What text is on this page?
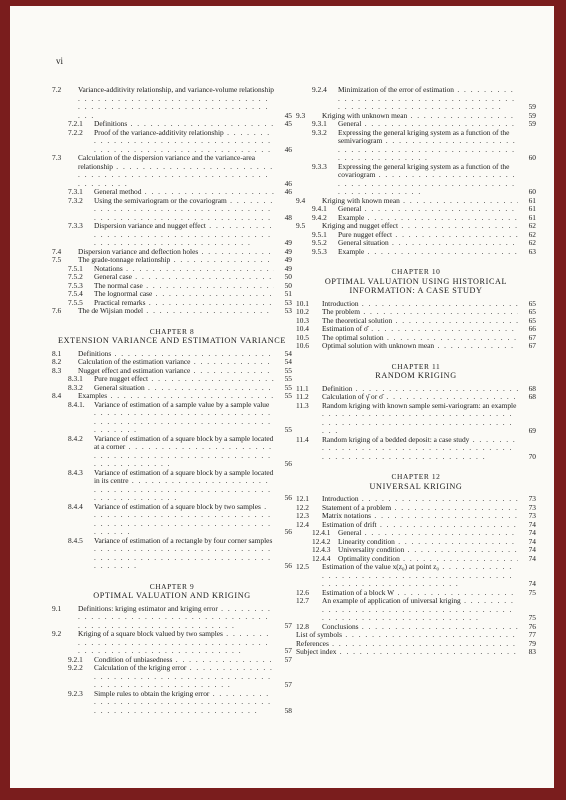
vi
7.2 Variance-additivity relationship, and variance-volume relationship . . .
45
7.2.1 Definitions . . .	45
7.2.2 Proof of the variance-additivity relationship . . .
46
7.3 Calculation of the dispersion variance and the variance-area relationship . . .
46
7.3.1 General method . . .	46
7.3.2 Using the semivariogram or the covariogram . . .
48
7.3.3 Dispersion variance and nugget effect . . .
49
7.4 Dispersion variance and deflection holes . . .	49
7.5 The grade-tonnage relationship . . .	49
7.5.1 Notations . . .	49
7.5.2 General case . . .	50
7.5.3 The normal case . . .	50
7.5.4 The lognormal case . . .	51
7.5.5 Practical remarks . . .	53
7.6 The de Wijsian model . . .	53
CHAPTER 8
EXTENSION VARIANCE AND ESTIMATION VARIANCE
8.1 Definitions . . .	54
8.2 Calculation of the estimation variance . . .	54
8.3 Nugget effect and estimation variance . . .	55
8.3.1 Pure nugget effect . . .	55
8.3.2 General situation . . .	55
8.4 Examples . . .	55
8.4.1. Variance of estimation of a sample value by a sample value . . .
55
8.4.2 Variance of estimation of a square block by a sample located at a corner . . .
56
8.4.3 Variance of estimation of a square block by a sample located in its centre . . .
56
8.4.4 Variance of estimation of a square block by two samples . . .
56
8.4.5 Variance of estimation of a rectangle by four corner samples . . .
56
CHAPTER 9
OPTIMAL VALUATION AND KRIGING
9.1 Definitions: kriging estimator and kriging error . . .
57
9.2 Kriging of a square block valued by two samples . . .
57
9.2.1 Condition of unbiasedness . . .	57
9.2.2 Calculation of the kriging error . . .
57
9.2.3 Simple rules to obtain the kriging error . . .
58
9.2.4 Minimization of the error of estimation . . .
59
9.3 Kriging with unknown mean . . .	59
9.3.1 General . . .	59
9.3.2 Expressing the general kriging system as a function of the semivariogram . . .
60
9.3.3 Expressing the general kriging system as a function of the covariogram . . .
60
9.4 Kriging with known mean . . .	61
9.4.1 General . . .	61
9.4.2 Example . . .	61
9.5 Kriging and nugget effect . . .	62
9.5.1 Pure nugget effect . . .	62
9.5.2 General situation . . .	62
9.5.3 Example . . .	63
CHAPTER 10
OPTIMAL VALUATION USING HISTORICAL INFORMATION: A CASE STUDY
10.1 Introduction . . .	65
10.2 The problem . . .	65
10.3 The theoretical solution . . .	65
10.4 Estimation of σ̂ . . .	66
10.5 The optimal solution . . .	67
10.6 Optimal solution with unknown mean . . .	67
CHAPTER 11
RANDOM KRIGING
11.1 Definition . . .	68
11.2 Calculation of γ̄ or σ̄ . . .	68
11.3 Random kriging with known sample semi-variogram: an example . . .
69
11.4 Random kriging of a bedded deposit: a case study . . .
70
CHAPTER 12
UNIVERSAL KRIGING
12.1 Introduction . . .	73
12.2 Statement of a problem . . .	73
12.3 Matrix notations . . .	73
12.4 Estimation of drift . . .	74
12.4.1 General . . .	74
12.4.2 Linearity condition . . .	74
12.4.3 Universality condition . . .	74
12.4.4 Optimality condition . . .	74
12.5 Estimation of the value x(z₀) at point z₀ . . .
74
12.6 Estimation of a block W . . .	75
12.7 An example of application of universal kriging . . .
75
12.8 Conclusions . . .	76
List of symbols . . .	77
References . . .	79
Subject index . . .	83
